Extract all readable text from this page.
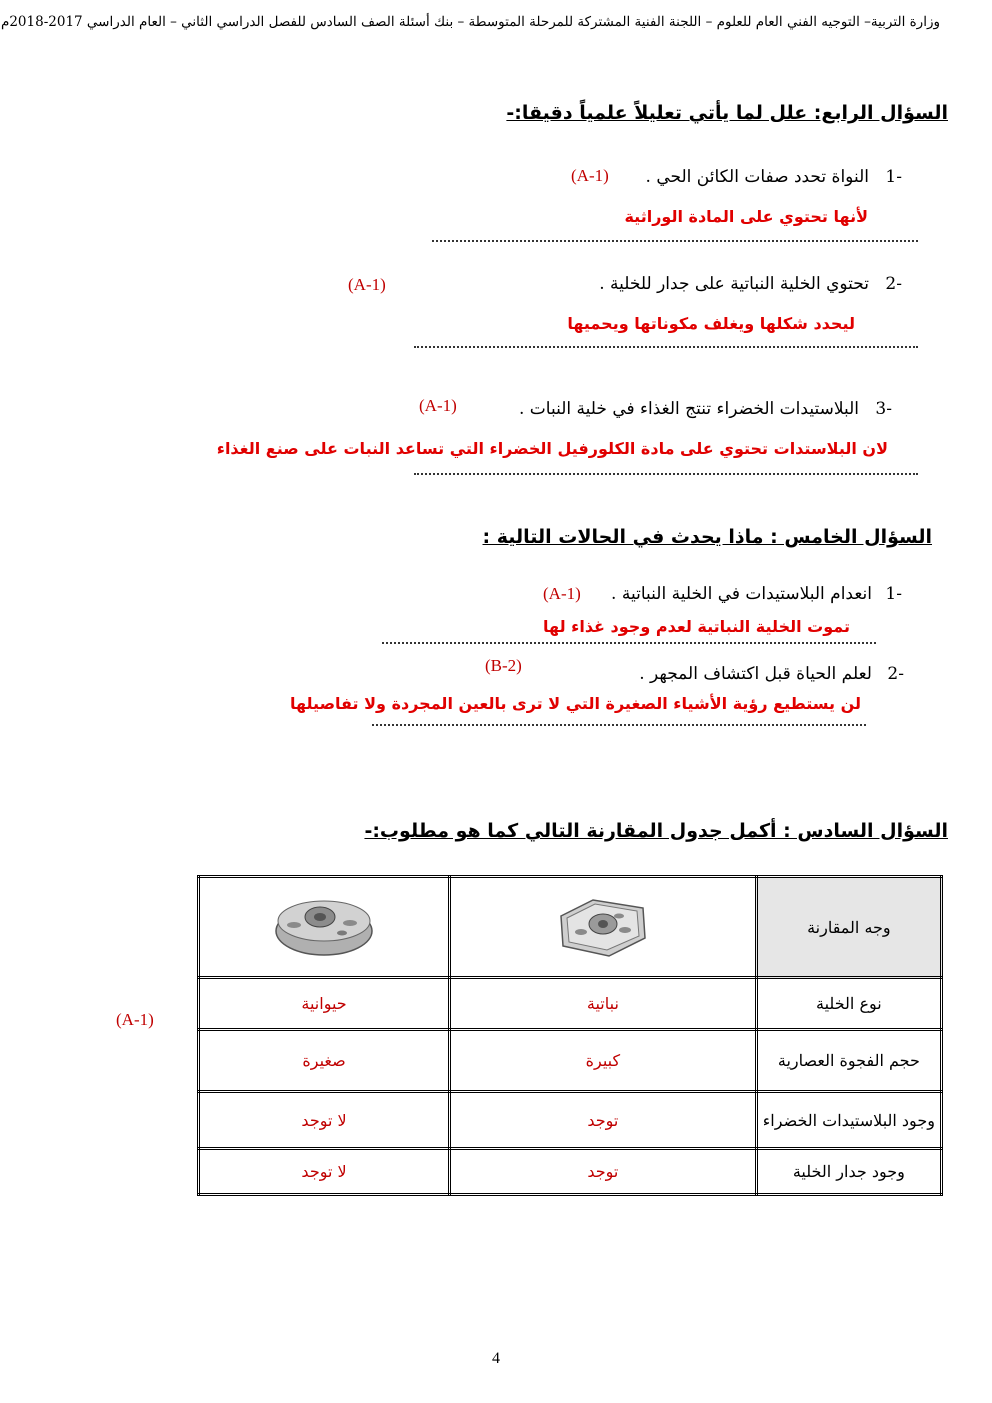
وزارة التربية– التوجيه الفني العام للعلوم – اللجنة الفنية المشتركة للمرحلة المتوسطة – بنك أسئلة الصف السادس للفصل الدراسي الثاني – العام الدراسي 2017-2018م
السؤال الرابع: علل لما يأتي تعليلاً علمياً دقيقا:-
-1
النواة تحدد صفات الكائن الحي .
(A-1)
لأنها تحتوي على المادة الوراثية
-2
تحتوي الخلية النباتية على جدار للخلية .
(A-1)
ليحدد شكلها ويغلف مكوناتها ويحميها
-3
البلاستيدات الخضراء تنتج الغذاء في خلية النبات .
(A-1)
لان البلاستدات تحتوي على مادة الكلورفيل الخضراء التي تساعد النبات على صنع الغذاء
السؤال الخامس : ماذا يحدث في الحالات التالية :
-1
انعدام البلاستيدات في الخلية النباتية .
(A-1)
تموت الخلية النباتية لعدم وجود غذاء لها
(B-2)	-2
لعلم الحياة قبل اكتشاف المجهر .
لن يستطيع رؤية الأشياء الصغيرة التي لا ترى بالعين المجردة ولا تفاصيلها
السؤال السادس : أكمل جدول المقارنة التالي كما هو مطلوب:-
(A-1)
وجه المقارنة	

نوع الخلية	نباتية	حيوانية
حجم الفجوة العصارية	كبيرة	صغيرة
وجود البلاستيدات الخضراء	توجد	لا توجد
وجود جدار الخلية	توجد	لا توجد
4
